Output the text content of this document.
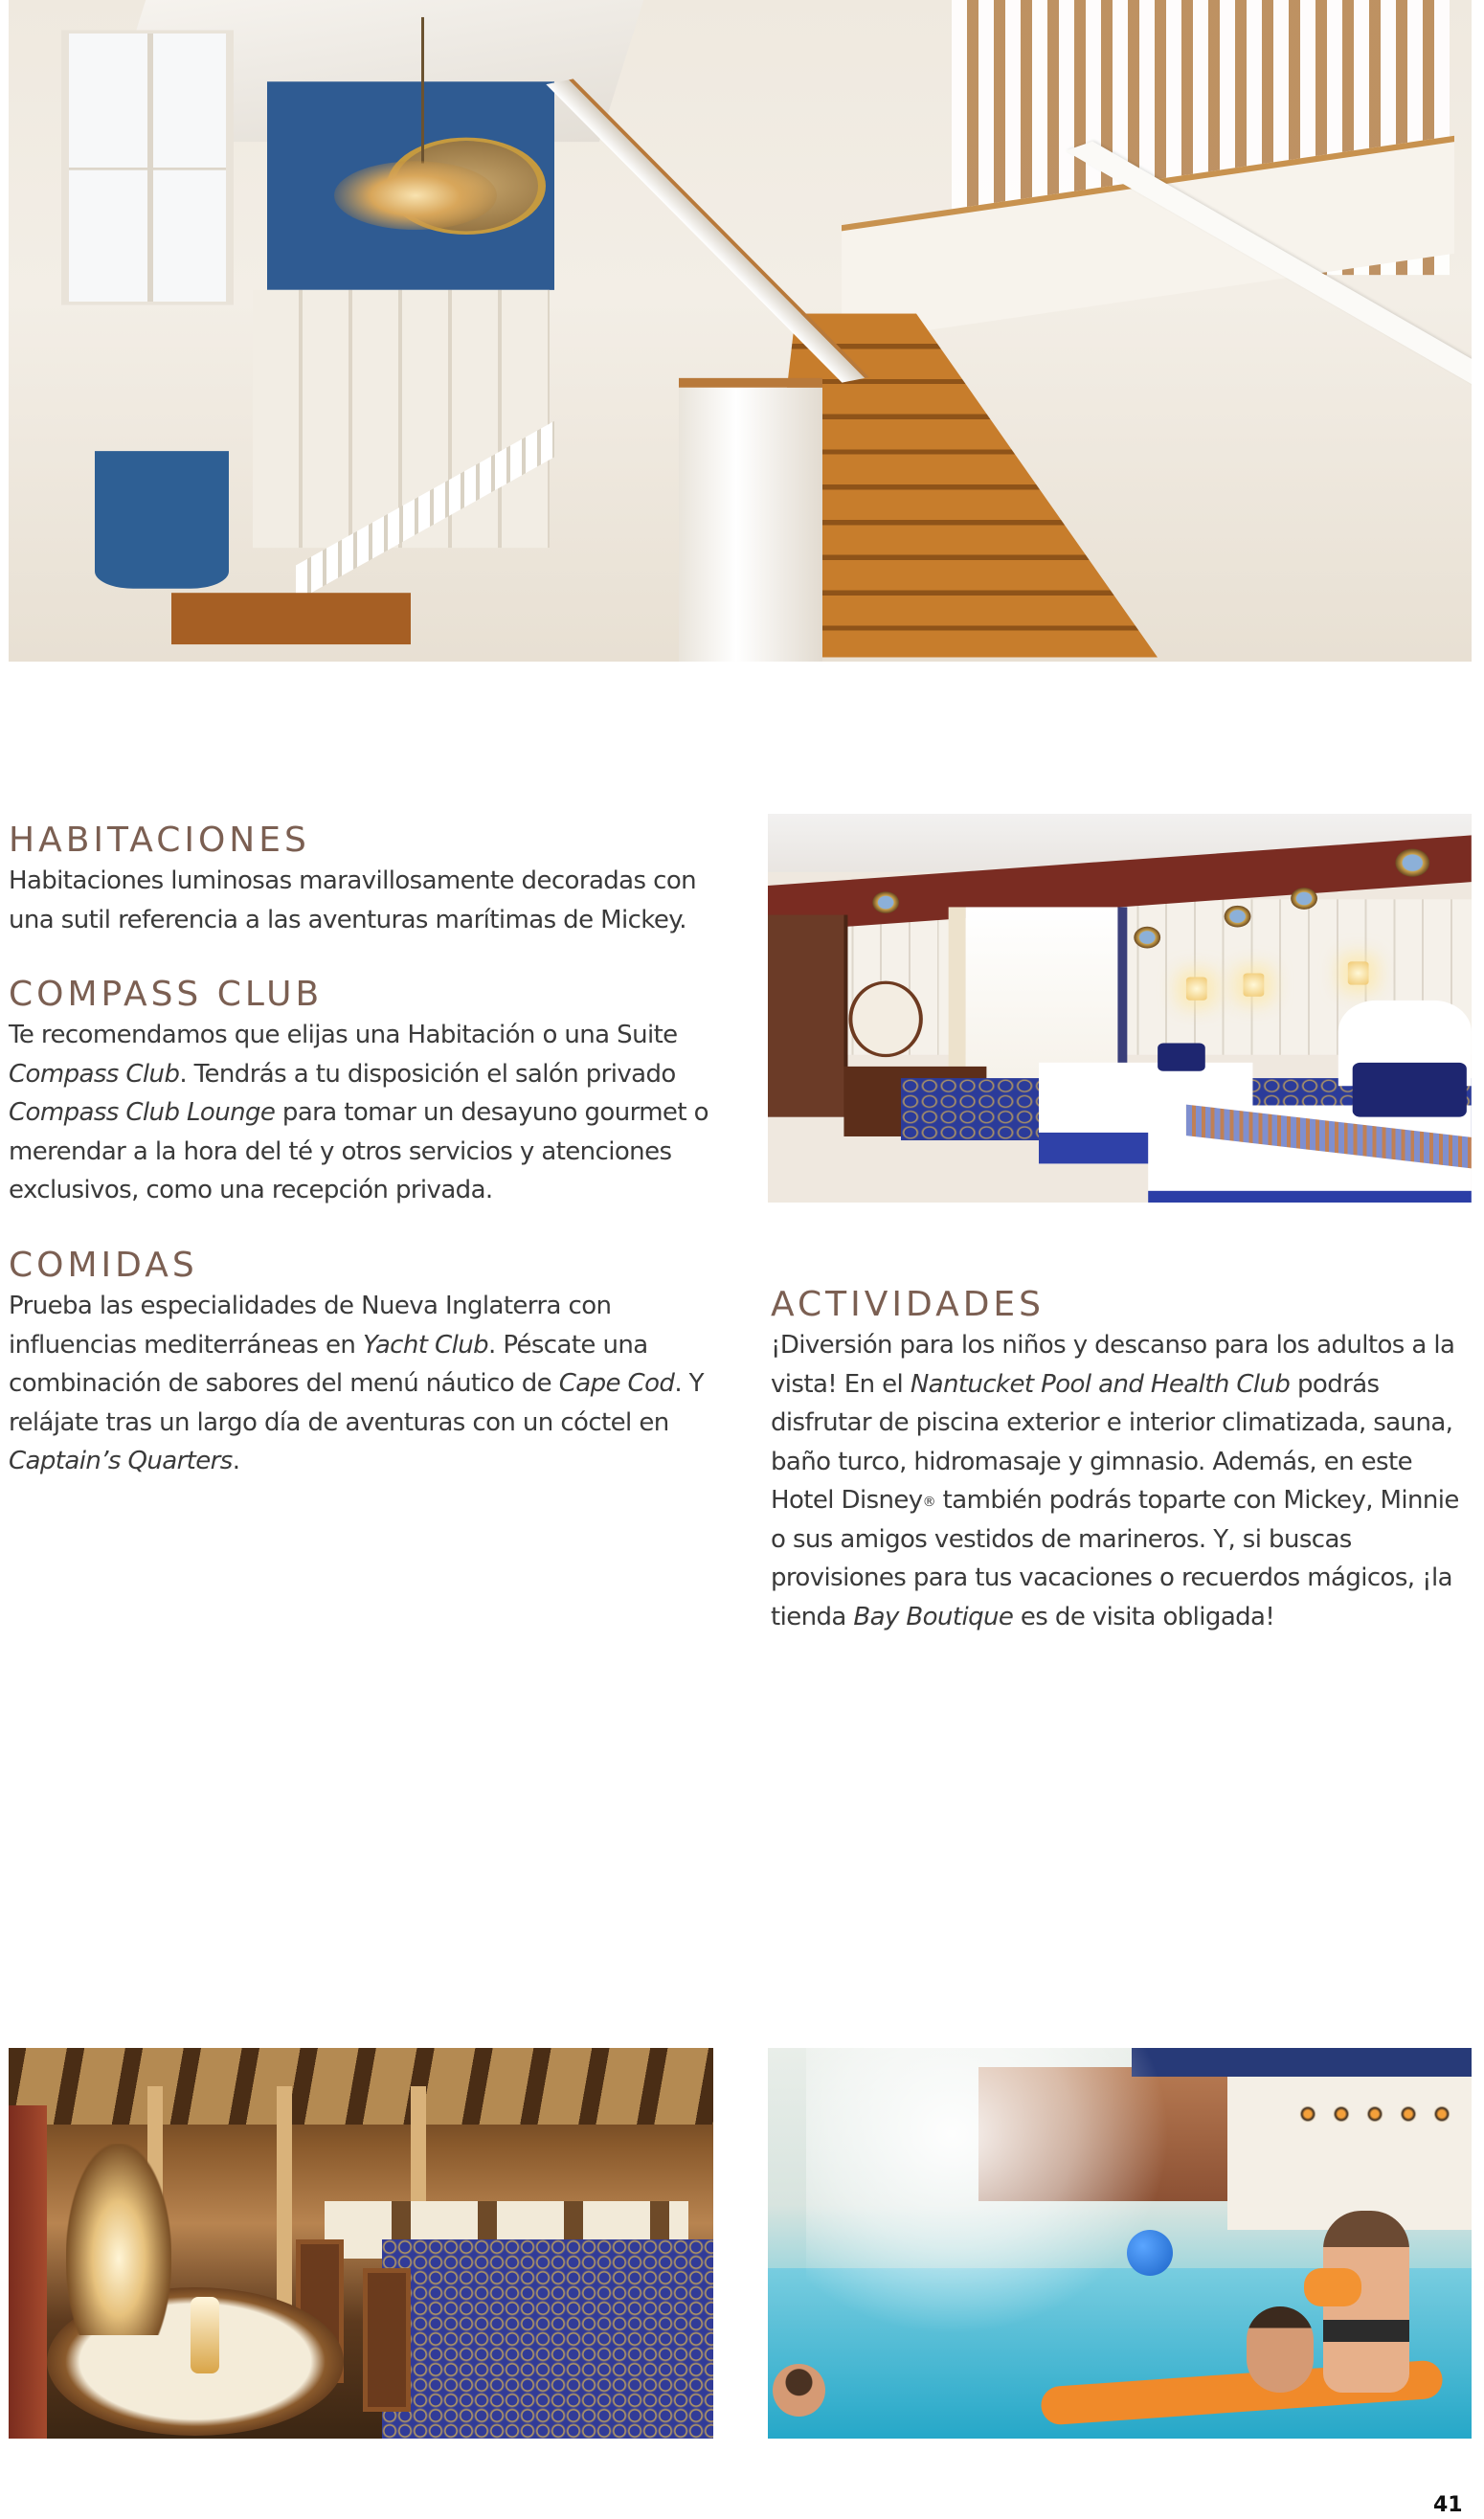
HABITACIONES

Habitaciones luminosas maravillosamente decoradas con una sutil referencia a las aventuras marítimas de Mickey.

COMPASS CLUB

Te recomendamos que elijas una Habitación o una Suite Compass Club. Tendrás a tu disposición el salón privado Compass Club Lounge para tomar un desayuno gourmet o merendar a la hora del té y otros servicios y atenciones exclusivos, como una recepción privada.

COMIDAS

Prueba las especialidades de Nueva Inglaterra con influencias mediterráneas en Yacht Club. Péscate una combinación de sabores del menú náutico de Cape Cod. Y relájate tras un largo día de aventuras con un cóctel en Captain’s Quarters.

ACTIVIDADES

¡Diversión para los niños y descanso para los adultos a la vista! En el Nantucket Pool and Health Club podrás disfrutar de piscina exterior e interior climatizada, sauna, baño turco, hidromasaje y gimnasio. Además, en este Hotel Disney® también podrás toparte con Mickey, Minnie o sus amigos vestidos de marineros. Y, si buscas provisiones para tus vacaciones o recuerdos mágicos, ¡la tienda Bay Boutique es de visita obligada!

41
